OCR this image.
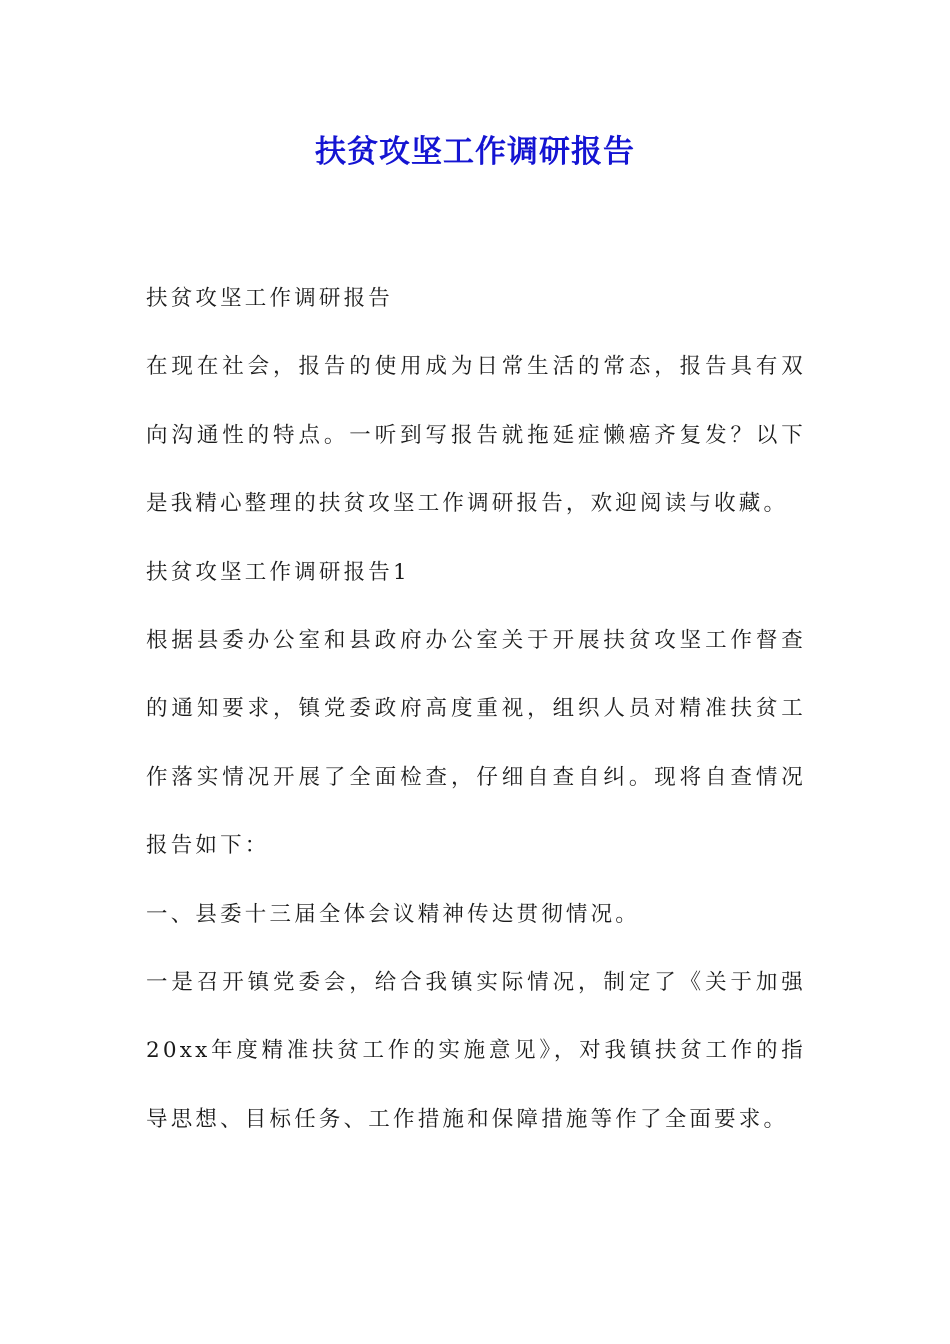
扶贫攻坚工作调研报告

扶贫攻坚工作调研报告

在现在社会，报告的使用成为日常生活的常态，报告具有双向沟通性的特点。一听到写报告就拖延症懒癌齐复发？以下是我精心整理的扶贫攻坚工作调研报告，欢迎阅读与收藏。

扶贫攻坚工作调研报告1

根据县委办公室和县政府办公室关于开展扶贫攻坚工作督查的通知要求，镇党委政府高度重视，组织人员对精准扶贫工作落实情况开展了全面检查，仔细自查自纠。现将自查情况报告如下：

一、县委十三届全体会议精神传达贯彻情况。

一是召开镇党委会，给合我镇实际情况，制定了《关于加强20xx年度精准扶贫工作的实施意见》，对我镇扶贫工作的指导思想、目标任务、工作措施和保障措施等作了全面要求。
